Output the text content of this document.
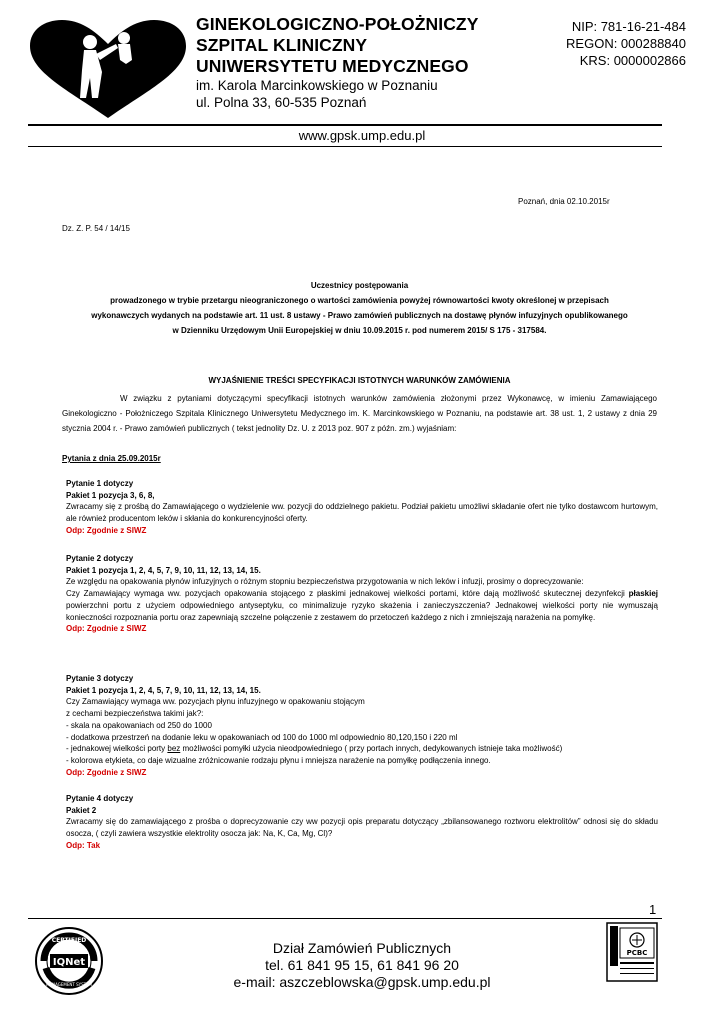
GINEKOLOGICZNO-POŁOŻNICZY
SZPITAL KLINICZNY
UNIWERSYTETU MEDYCZNEGO
im. Karola Marcinkowskiego w Poznaniu
ul. Polna 33, 60-535 Poznań
NIP: 781-16-21-484
REGON: 000288840
KRS: 0000002866
www.gpsk.ump.edu.pl
Poznań, dnia 02.10.2015r
Dz. Z. P. 54 / 14/15
Uczestnicy postępowania
prowadzonego w trybie przetargu nieograniczonego o wartości zamówienia powyżej równowartości kwoty określonej w przepisach
wykonawczych wydanych na podstawie art. 11 ust. 8 ustawy - Prawo zamówień publicznych na dostawę płynów infuzyjnych opublikowanego
w Dzienniku Urzędowym Unii Europejskiej w dniu 10.09.2015 r. pod numerem 2015/ S 175 - 317584.
WYJAŚNIENIE TREŚCI SPECYFIKACJI ISTOTNYCH WARUNKÓW ZAMÓWIENIA

W związku z pytaniami dotyczącymi specyfikacji istotnych warunków zamówienia złożonymi przez Wykonawcę, w imieniu Zamawiającego Ginekologiczno - Położniczego Szpitala Klinicznego Uniwersytetu Medycznego im. K. Marcinkowskiego w Poznaniu, na podstawie art. 38 ust. 1, 2 ustawy z dnia 29 stycznia 2004 r. - Prawo zamówień publicznych ( tekst jednolity Dz. U. z 2013 poz. 907 z późn. zm.) wyjaśniam:

Pytania z dnia 25.09.2015r
Pytanie 1 dotyczy
Pakiet 1 pozycja 3, 6, 8,

Zwracamy się z prośbą do Zamawiającego o wydzielenie ww. pozycji do oddzielnego pakietu. Podział pakietu umożliwi składanie ofert nie tylko dostawcom hurtowym, ale również producentom leków i skłania do konkurencyjności oferty.

Odp: Zgodnie z SIWZ
Pytanie 2 dotyczy
Pakiet 1 pozycja 1, 2, 4, 5, 7, 9, 10, 11, 12, 13, 14, 15.

Ze względu na opakowania płynów infuzyjnych o różnym stopniu bezpieczeństwa przygotowania w nich leków i infuzji, prosimy o doprecyzowanie:

Czy Zamawiający wymaga ww. pozycjach opakowania stojącego z płaskimi jednakowej wielkości portami, które dają możliwość skutecznej dezynfekcji płaskiej powierzchni portu z użyciem odpowiedniego antyseptyku, co minimalizuje ryzyko skażenia i zanieczyszczenia? Jednakowej wielkości porty nie wymuszają konieczności rozpoznania portu oraz zapewniają szczelne połączenie z zestawem do przetoczeń każdego z nich i zmniejszają narażenia na pomyłkę.

Odp: Zgodnie z SIWZ
Pytanie 3 dotyczy
Pakiet 1 pozycja 1, 2, 4, 5, 7, 9, 10, 11, 12, 13, 14, 15.
Czy Zamawiający wymaga ww. pozycjach płynu infuzyjnego w opakowaniu stojącym
z cechami bezpieczeństwa takimi jak?:
- skala na opakowaniach od 250 do 1000
- dodatkowa przestrzeń na dodanie leku w opakowaniach od 100 do 1000 ml odpowiednio 80,120,150 i 220 ml
- jednakowej wielkości porty bez możliwości pomyłki użycia nieodpowiedniego ( przy portach innych, dedykowanych istnieje taka możliwość)
- kolorowa etykieta, co daje wizualne zróżnicowanie rodzaju płynu i mniejsza narażenie na pomyłkę podłączenia innego.
Odp: Zgodnie z SIWZ
Pytanie 4 dotyczy
Pakiet 2

Zwracamy się do zamawiającego z prośba o doprecyzowanie czy ww pozycji opis preparatu dotyczący „zbilansowanego roztworu elektrolitów” odnosi się do składu osocza, ( czyli zawiera wszystkie elektrolity osocza jak: Na, K, Ca, Mg, Cl)?

Odp: Tak
1
CERTIFIED
IQNet
MANAGEMENT SYSTEM
Dział Zamówień Publicznych
tel. 61 841 95 15, 61 841 96 20
e-mail: aszczeblowska@gpsk.ump.edu.pl
PCBC
